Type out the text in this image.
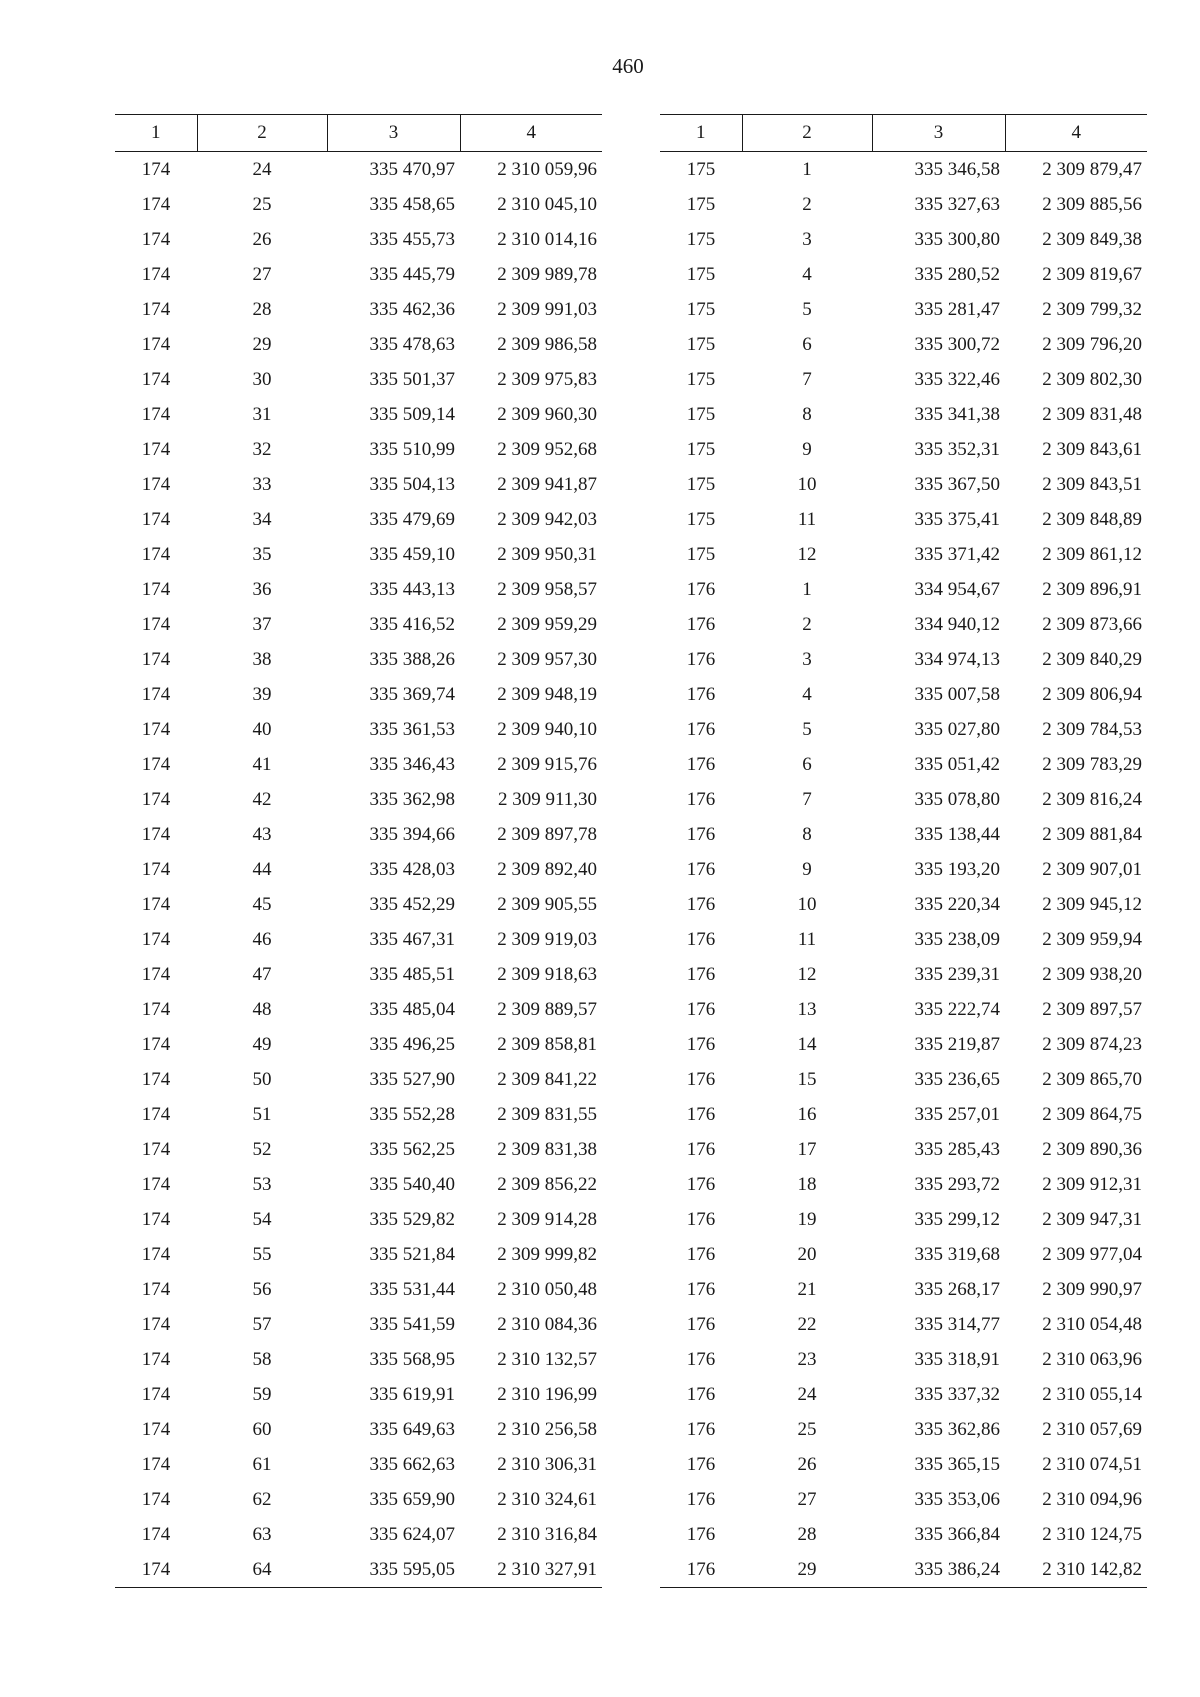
460
1	2	3	4
174	24	335 470,97	2 310 059,96
174	25	335 458,65	2 310 045,10
174	26	335 455,73	2 310 014,16
174	27	335 445,79	2 309 989,78
174	28	335 462,36	2 309 991,03
174	29	335 478,63	2 309 986,58
174	30	335 501,37	2 309 975,83
174	31	335 509,14	2 309 960,30
174	32	335 510,99	2 309 952,68
174	33	335 504,13	2 309 941,87
174	34	335 479,69	2 309 942,03
174	35	335 459,10	2 309 950,31
174	36	335 443,13	2 309 958,57
174	37	335 416,52	2 309 959,29
174	38	335 388,26	2 309 957,30
174	39	335 369,74	2 309 948,19
174	40	335 361,53	2 309 940,10
174	41	335 346,43	2 309 915,76
174	42	335 362,98	2 309 911,30
174	43	335 394,66	2 309 897,78
174	44	335 428,03	2 309 892,40
174	45	335 452,29	2 309 905,55
174	46	335 467,31	2 309 919,03
174	47	335 485,51	2 309 918,63
174	48	335 485,04	2 309 889,57
174	49	335 496,25	2 309 858,81
174	50	335 527,90	2 309 841,22
174	51	335 552,28	2 309 831,55
174	52	335 562,25	2 309 831,38
174	53	335 540,40	2 309 856,22
174	54	335 529,82	2 309 914,28
174	55	335 521,84	2 309 999,82
174	56	335 531,44	2 310 050,48
174	57	335 541,59	2 310 084,36
174	58	335 568,95	2 310 132,57
174	59	335 619,91	2 310 196,99
174	60	335 649,63	2 310 256,58
174	61	335 662,63	2 310 306,31
174	62	335 659,90	2 310 324,61
174	63	335 624,07	2 310 316,84
174	64	335 595,05	2 310 327,91
1	2	3	4
175	1	335 346,58	2 309 879,47
175	2	335 327,63	2 309 885,56
175	3	335 300,80	2 309 849,38
175	4	335 280,52	2 309 819,67
175	5	335 281,47	2 309 799,32
175	6	335 300,72	2 309 796,20
175	7	335 322,46	2 309 802,30
175	8	335 341,38	2 309 831,48
175	9	335 352,31	2 309 843,61
175	10	335 367,50	2 309 843,51
175	11	335 375,41	2 309 848,89
175	12	335 371,42	2 309 861,12
176	1	334 954,67	2 309 896,91
176	2	334 940,12	2 309 873,66
176	3	334 974,13	2 309 840,29
176	4	335 007,58	2 309 806,94
176	5	335 027,80	2 309 784,53
176	6	335 051,42	2 309 783,29
176	7	335 078,80	2 309 816,24
176	8	335 138,44	2 309 881,84
176	9	335 193,20	2 309 907,01
176	10	335 220,34	2 309 945,12
176	11	335 238,09	2 309 959,94
176	12	335 239,31	2 309 938,20
176	13	335 222,74	2 309 897,57
176	14	335 219,87	2 309 874,23
176	15	335 236,65	2 309 865,70
176	16	335 257,01	2 309 864,75
176	17	335 285,43	2 309 890,36
176	18	335 293,72	2 309 912,31
176	19	335 299,12	2 309 947,31
176	20	335 319,68	2 309 977,04
176	21	335 268,17	2 309 990,97
176	22	335 314,77	2 310 054,48
176	23	335 318,91	2 310 063,96
176	24	335 337,32	2 310 055,14
176	25	335 362,86	2 310 057,69
176	26	335 365,15	2 310 074,51
176	27	335 353,06	2 310 094,96
176	28	335 366,84	2 310 124,75
176	29	335 386,24	2 310 142,82
